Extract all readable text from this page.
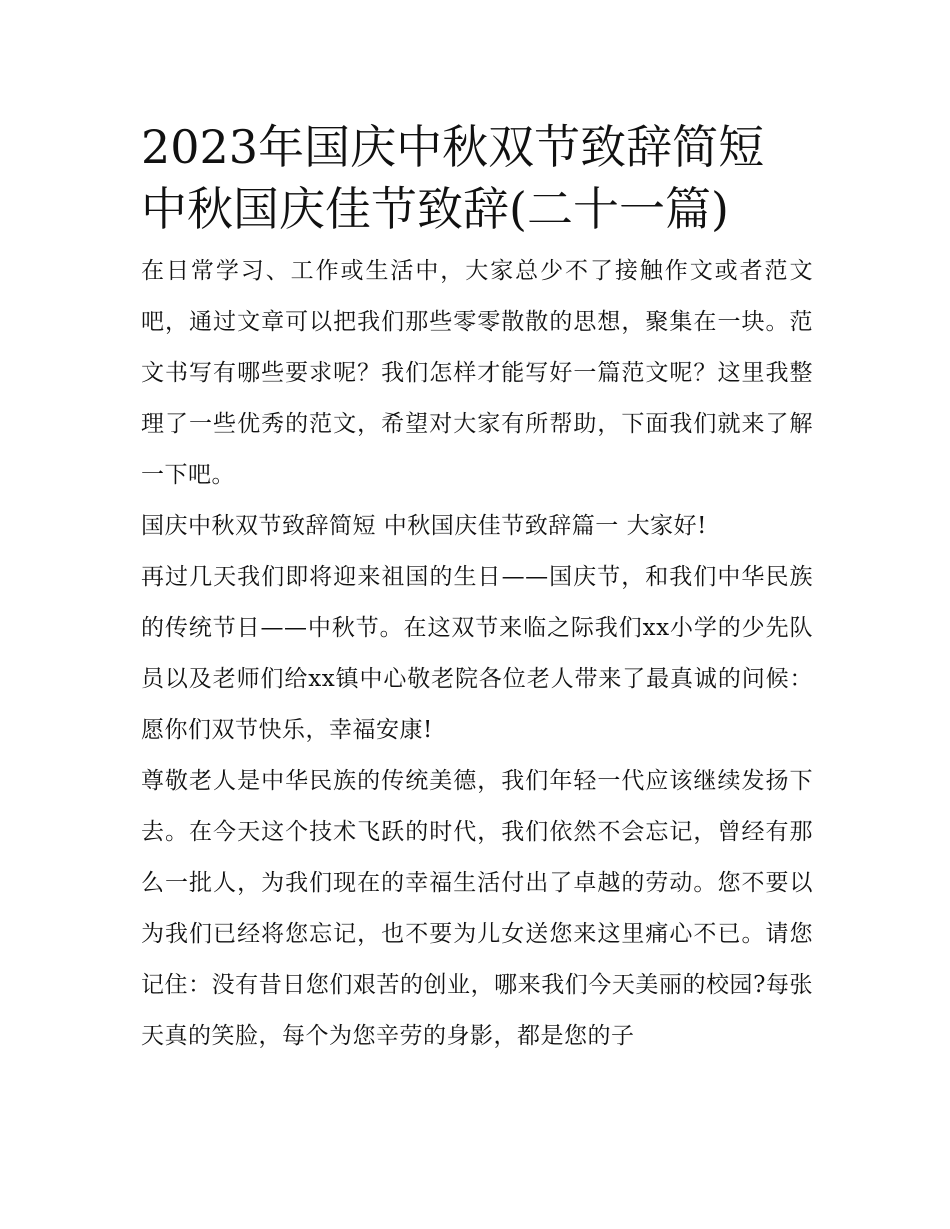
2023年国庆中秋双节致辞简短
中秋国庆佳节致辞(二十一篇)

在日常学习、工作或生活中，大家总少不了接触作文或者范文吧，通过文章可以把我们那些零零散散的思想，聚集在一块。范文书写有哪些要求呢？我们怎样才能写好一篇范文呢？这里我整理了一些优秀的范文，希望对大家有所帮助，下面我们就来了解一下吧。

国庆中秋双节致辞简短 中秋国庆佳节致辞篇一 大家好!

再过几天我们即将迎来祖国的生日——国庆节，和我们中华民族的传统节日——中秋节。在这双节来临之际我们xx小学的少先队员以及老师们给xx镇中心敬老院各位老人带来了最真诚的问候：愿你们双节快乐，幸福安康!

尊敬老人是中华民族的传统美德，我们年轻一代应该继续发扬下去。在今天这个技术飞跃的时代，我们依然不会忘记，曾经有那么一批人，为我们现在的幸福生活付出了卓越的劳动。您不要以为我们已经将您忘记，也不要为儿女送您来这里痛心不已。请您记住：没有昔日您们艰苦的创业，哪来我们今天美丽的校园?每张天真的笑脸，每个为您辛劳的身影，都是您的子
